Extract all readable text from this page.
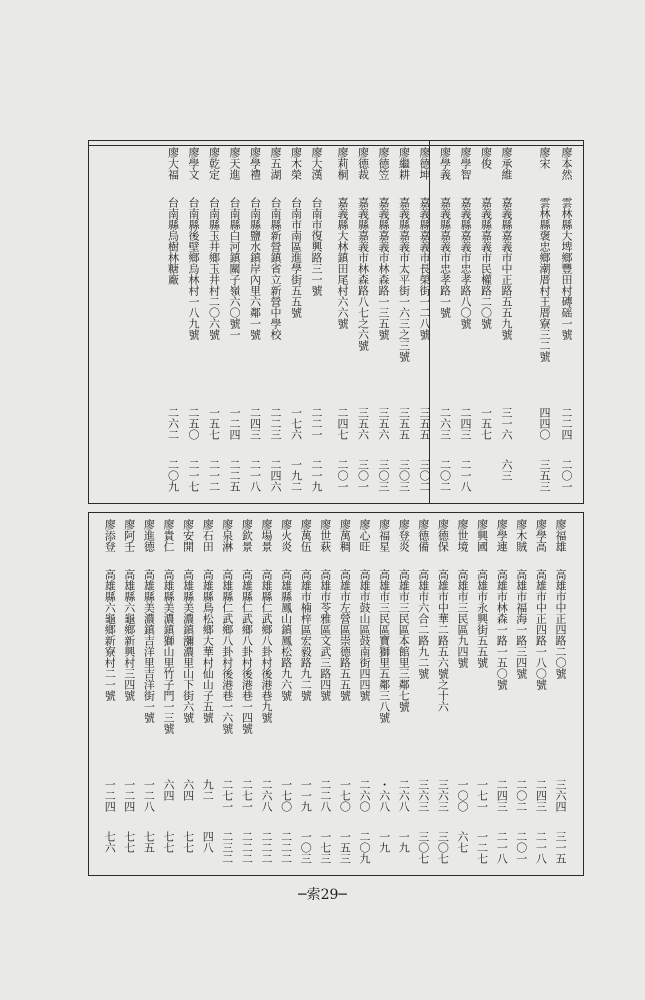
廖本然
雲林縣大埤鄉豐田村磚磘一號
二二四
二〇一
廖宋
雲林縣褒忠鄉潮厝村王厝寮三二號
四四〇
三五三
廖承維
嘉義縣嘉義市中正路五五九號
三一六
六三
廖俊
嘉義縣嘉義市民權路二〇號
一五七
廖學智
嘉義縣嘉義市忠孝路八〇號
二四三
二一八
廖學義
嘉義縣嘉義市忠孝路一號
二六三
二〇二
廖德坤
嘉義縣嘉義市長榮街一二八號
三五五
三〇二
廖繼耕
嘉義縣嘉義市太平街一六三之三號
三五五
三〇三
廖德笠
嘉義縣嘉義市林森路一三五號
三五六
三〇三
廖德裁
嘉義縣嘉義市林森路八七之六號
三五六
三〇一
廖莉桐
嘉義縣大林鎮田尾村六六號
二四七
二〇一
廖大漢
台南市復興路三一號
二二一
二一九
廖木榮
台南市南區進學街五五號
一七六
一九二
廖五湖
台南縣新營鎮省立新營中學校
二二三
二四六
廖學禮
台南縣鹽水鎮岸內里六鄰一號
二四三
二一八
廖天進
台南縣白河鎮關子嶺六〇號一
一二四
二二五
廖乾定
台南縣玉井鄉玉井村二〇六號
一五七
二一二
廖學文
台南縣後壁鄉烏林村一八九號
二五〇
二一七
廖大福
台南縣烏樹林糖廠
二六二
二〇九
廖福雄
高雄市中正四路二〇號
三六四
三一五
廖學高
高雄市中正四路一八〇號
二四三
二一八
廖木賊
高雄市福海一路三四號
二〇二
二〇一
廖學連
高雄市林森一路一五〇號
二四三
二一八
廖興國
高雄市永興街五五號
一七一
一二七
廖世境
高雄市三民區九四號
一〇〇
六七
廖德保
高雄市中華二路五六號之十六
三六三
三〇七
廖德備
高雄市六合二路九二號
三六三
三〇七
廖登炎
高雄市三民區本館里三鄰七號
二六八
一九
廖福星
高雄市三民區寶獅里五鄰三八號
・六八
一九
廖心旺
高雄市鼓山區鼓南街四四號
二六〇
二〇九
廖萬稠
高雄市左營區崇德路五五號
一七〇
一五三
廖世萩
高雄市苓雅區文武三路四號
二二八
一七三
廖萬伍
高雄市楠梓區宏毅路九二號
一一九
一〇三
廖火炎
高雄縣鳳山鎮鳳松路九六號
一七〇
二二二
廖場景
高雄縣仁武鄉八卦村後港巷九號
二六八
二二二
廖欽景
高雄縣仁武鄉八卦村後港巷一四號
二七一
二二二
廖泉淋
高雄縣仁武鄉八卦村後港巷一六號
二七一
二三二
廖石田
高雄縣鳥松鄉大華村仙山子五號
九二
四八
廖安開
高雄縣美濃鎮瀰濃里山下街六號
六四
七七
廖貴仁
高雄縣美濃鎮獅山里竹子門一三號
六四
七七
廖進德
高雄縣美濃鎮吉洋里吉洋街一號
一二八
七五
廖阿壬
高雄縣六龜鄉新興村三四號
一二四
七七
廖添登
高雄縣六龜鄉新寮村二一號
一二四
七六
─索29─
